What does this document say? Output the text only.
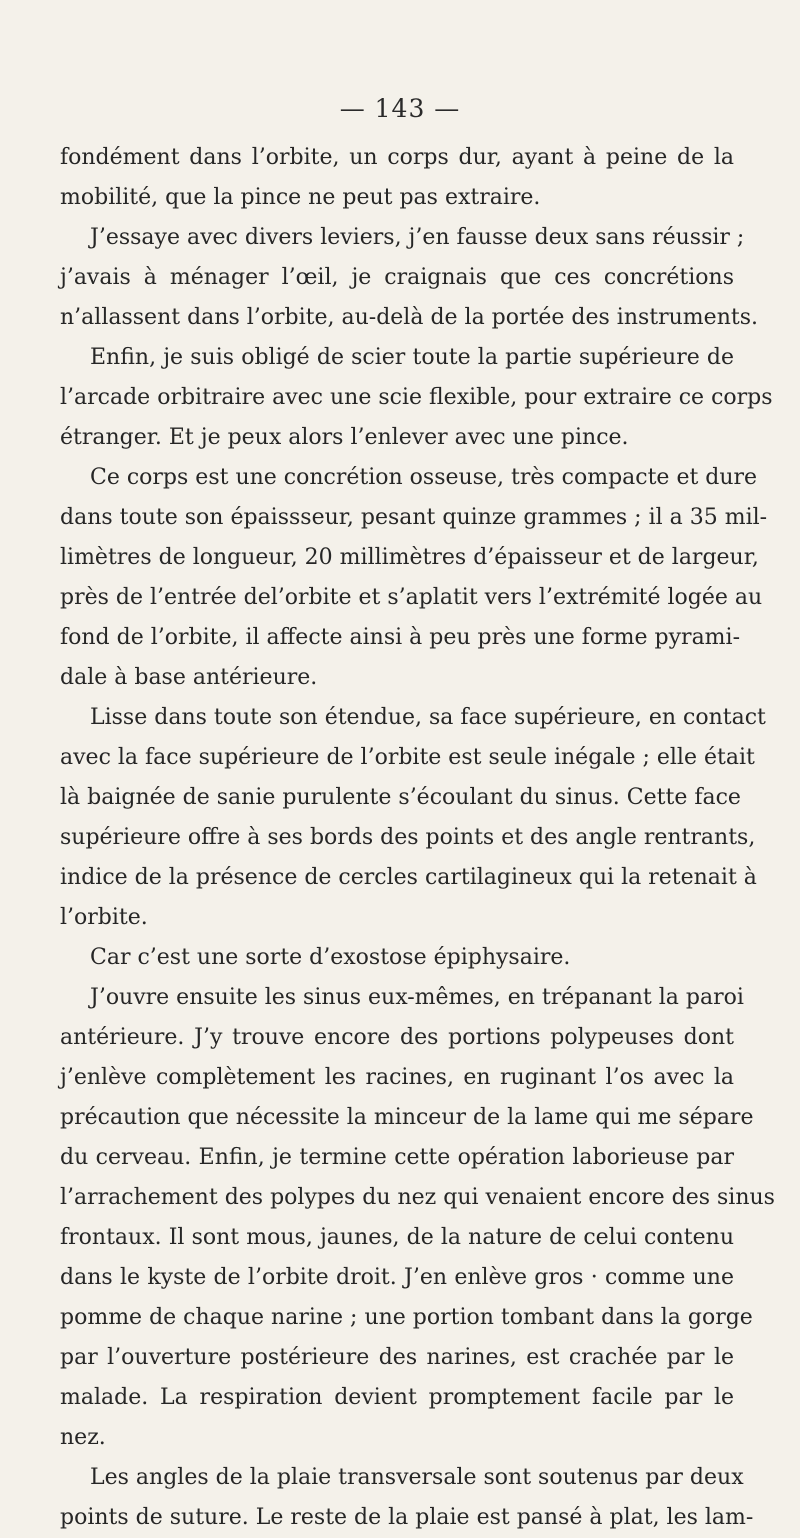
— 143 —
fondément dans l’orbite, un corps dur, ayant à peine de la
mobilité, que la pince ne peut pas extraire.
J’essaye avec divers leviers, j’en fausse deux sans réussir ;
j’avais à ménager l’œil, je craignais que ces concrétions
n’allassent dans l’orbite, au-delà de la portée des instruments.
Enfin, je suis obligé de scier toute la partie supérieure de
l’arcade orbitraire avec une scie flexible, pour extraire ce corps
étranger. Et je peux alors l’enlever avec une pince.
Ce corps est une concrétion osseuse, très compacte et dure
dans toute son épaissseur, pesant quinze grammes ; il a 35 mil-
limètres de longueur, 20 millimètres d’épaisseur et de largeur,
près de l’entrée del’orbite et s’aplatit vers l’extrémité logée au
fond de l’orbite, il affecte ainsi à peu près une forme pyrami-
dale à base antérieure.
Lisse dans toute son étendue, sa face supérieure, en contact
avec la face supérieure de l’orbite est seule inégale ; elle était
là baignée de sanie purulente s’écoulant du sinus. Cette face
supérieure offre à ses bords des points et des angle rentrants,
indice de la présence de cercles cartilagineux qui la retenait à
l’orbite.
Car c’est une sorte d’exostose épiphysaire.
J’ouvre ensuite les sinus eux-mêmes, en trépanant la paroi
antérieure. J’y trouve encore des portions polypeuses dont
j’enlève complètement les racines, en ruginant l’os avec la
précaution que nécessite la minceur de la lame qui me sépare
du cerveau. Enfin, je termine cette opération laborieuse par
l’arrachement des polypes du nez qui venaient encore des sinus
frontaux. Il sont mous, jaunes, de la nature de celui contenu
dans le kyste de l’orbite droit. J’en enlève gros · comme une
pomme de chaque narine ; une portion tombant dans la gorge
par l’ouverture postérieure des narines, est crachée par le
malade. La respiration devient promptement facile par le
nez.
Les angles de la plaie transversale sont soutenus par deux
points de suture. Le reste de la plaie est pansé à plat, les lam-
